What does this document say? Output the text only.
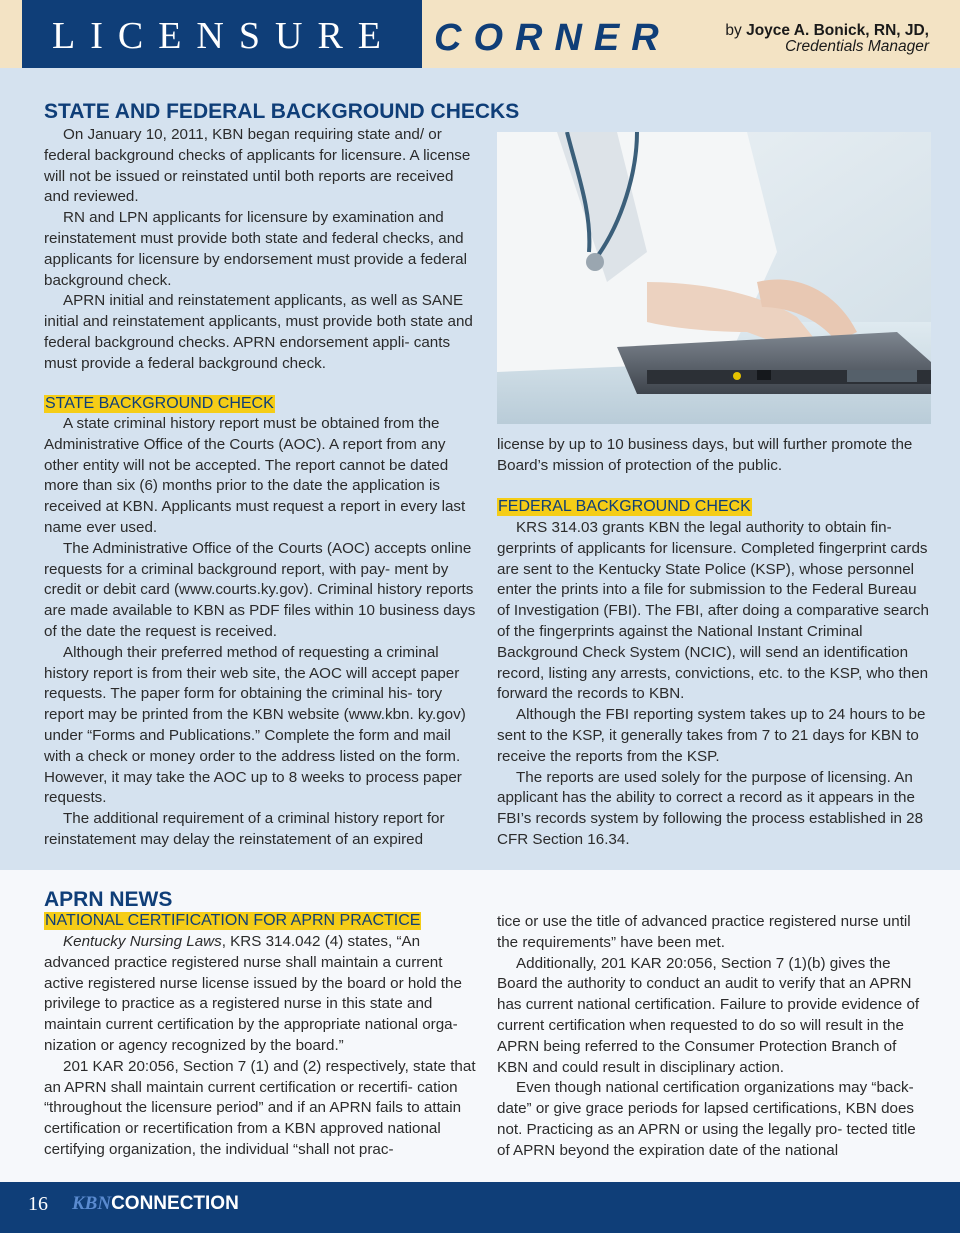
LICENSURE CORNER	by Joyce A. Bonick, RN, JD,
Credentials Manager
STATE AND FEDERAL BACKGROUND CHECKS

On January 10, 2011, KBN began requiring state and/ or federal background checks of applicants for licensure. A license will not be issued or reinstated until both reports are received and reviewed.

RN and LPN applicants for licensure by examination and reinstatement must provide both state and federal checks, and applicants for licensure by endorsement must provide a federal background check.

APRN initial and reinstatement applicants, as well as SANE initial and reinstatement applicants, must provide both state and federal background checks. APRN endorsement appli- cants must provide a federal background check.

STATE BACKGROUND CHECK

A state criminal history report must be obtained from the Administrative Office of the Courts (AOC). A report from any other entity will not be accepted. The report cannot be dated more than six (6) months prior to the date the application is received at KBN. Applicants must request a report in every last name ever used.

The Administrative Office of the Courts (AOC) accepts online requests for a criminal background report, with pay- ment by credit or debit card (www.courts.ky.gov). Criminal history reports are made available to KBN as PDF files within 10 business days of the date the request is received.

Although their preferred method of requesting a criminal history report is from their web site, the AOC will accept paper requests. The paper form for obtaining the criminal his- tory report may be printed from the KBN website (www.kbn. ky.gov) under “Forms and Publications.” Complete the form and mail with a check or money order to the address listed on the form. However, it may take the AOC up to 8 weeks to process paper requests.

The additional requirement of a criminal history report for reinstatement may delay the reinstatement of an expired

license by up to 10 business days, but will further promote the Board’s mission of protection of the public.

FEDERAL BACKGROUND CHECK

KRS 314.03 grants KBN the legal authority to obtain fin- gerprints of applicants for licensure. Completed fingerprint cards are sent to the Kentucky State Police (KSP), whose personnel enter the prints into a file for submission to the Federal Bureau of Investigation (FBI). The FBI, after doing a comparative search of the fingerprints against the National Instant Criminal Background Check System (NCIC), will send an identification record, listing any arrests, convictions, etc. to the KSP, who then forward the records to KBN.

Although the FBI reporting system takes up to 24 hours to be sent to the KSP, it generally takes from 7 to 21 days for KBN to receive the reports from the KSP.

The reports are used solely for the purpose of licensing. An applicant has the ability to correct a record as it appears in the FBI’s records system by following the process established in 28 CFR Section 16.34.

APRN NEWS
NATIONAL CERTIFICATION FOR APRN PRACTICE

Kentucky Nursing Laws, KRS 314.042 (4) states, “An advanced practice registered nurse shall maintain a current active registered nurse license issued by the board or hold the privilege to practice as a registered nurse in this state and maintain current certification by the appropriate national orga- nization or agency recognized by the board.”

201 KAR 20:056, Section 7 (1) and (2) respectively, state that an APRN shall maintain current certification or recertifi- cation “throughout the licensure period” and if an APRN fails to attain certification or recertification from a KBN approved national certifying organization, the individual “shall not prac-

tice or use the title of advanced practice registered nurse until the requirements” have been met.

Additionally, 201 KAR 20:056, Section 7 (1)(b) gives the Board the authority to conduct an audit to verify that an APRN has current national certification. Failure to provide evidence of current certification when requested to do so will result in the APRN being referred to the Consumer Protection Branch of KBN and could result in disciplinary action.

Even though national certification organizations may “back- date” or give grace periods for lapsed certifications, KBN does not. Practicing as an APRN or using the legally pro- tected title of APRN beyond the expiration date of the national

16 KBNCONNECTION
